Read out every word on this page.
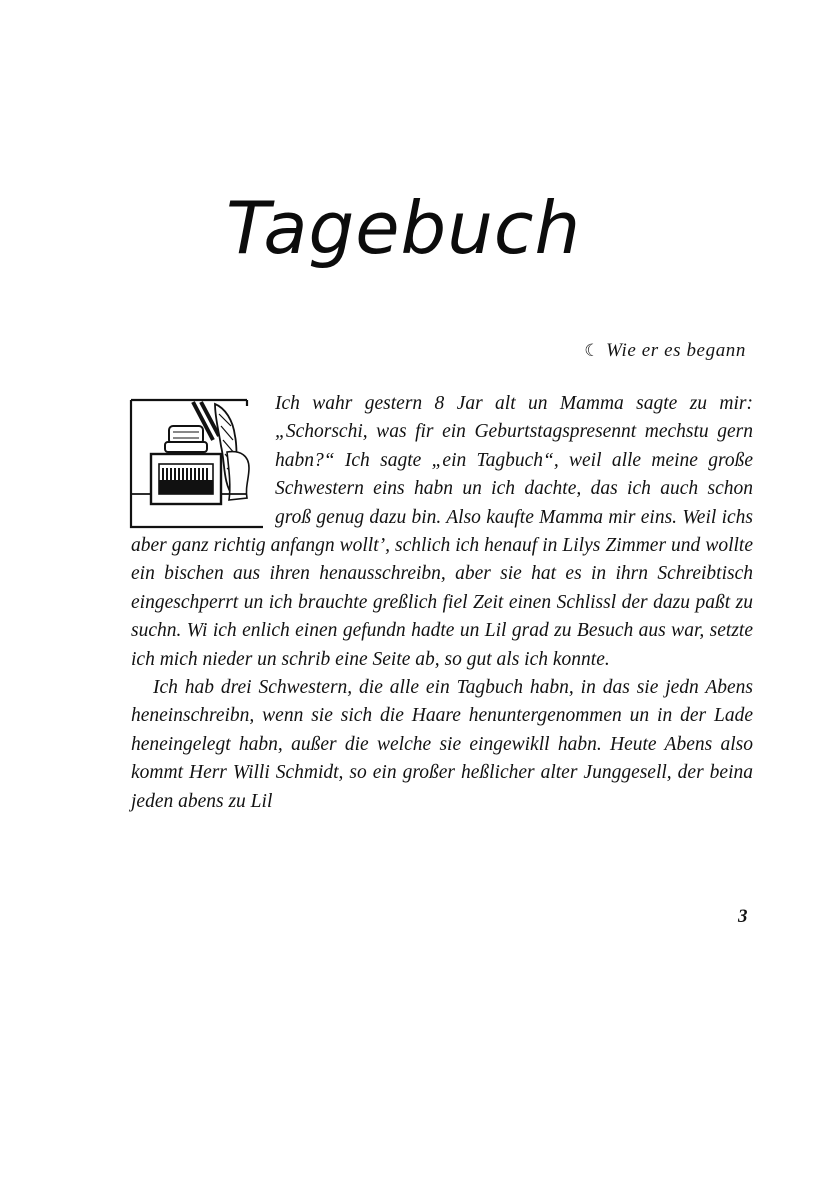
Tagebuch
☾ Wie er es begann

Ich wahr gestern 8 Jar alt un Mamma sagte zu mir: „Schorschi, was fir ein Geburtstagspresennt mechstu gern habn?“ Ich sagte „ein Tagbuch“, weil alle meine große Schwestern eins habn un ich dachte, das ich auch schon groß genug dazu bin. Also kaufte Mamma mir eins. Weil ichs aber ganz richtig anfangn wollt’, schlich ich henauf in Lilys Zimmer und wollte ein bischen aus ihren henausschreibn, aber sie hat es in ihrn Schreibtisch eingeschperrt un ich brauchte greßlich fiel Zeit einen Schlissl der dazu paßt zu suchn. Wi ich enlich einen gefundn hadte un Lil grad zu Besuch aus war, setzte ich mich nieder un schrib eine Seite ab, so gut als ich konnte.

Ich hab drei Schwestern, die alle ein Tagbuch habn, in das sie jedn Abens heneinschreibn, wenn sie sich die Haare henuntergenommen un in der Lade heneingelegt habn, außer die welche sie eingewikll habn. Heute Abens also kommt Herr Willi Schmidt, so ein großer heßlicher alter Junggesell, der beina jeden abens zu Lil

3
